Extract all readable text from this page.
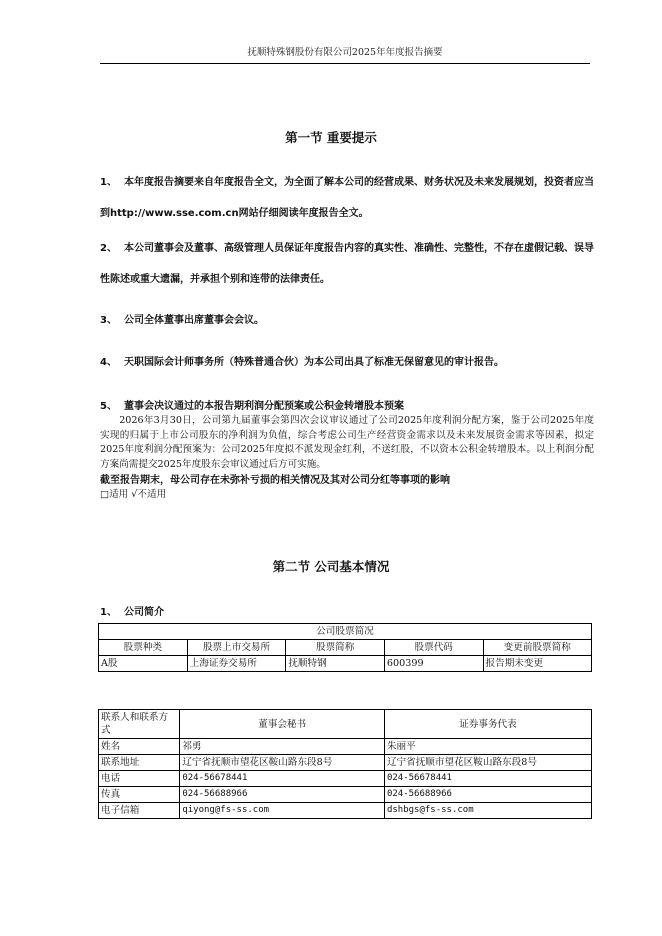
抚顺特殊钢股份有限公司2025年年度报告摘要
第一节 重要提示
1、 本年度报告摘要来自年度报告全文，为全面了解本公司的经营成果、财务状况及未来发展规划，投资者应当到http://www.sse.com.cn网站仔细阅读年度报告全文。
2、 本公司董事会及董事、高级管理人员保证年度报告内容的真实性、准确性、完整性，不存在虚假记载、误导性陈述或重大遗漏，并承担个别和连带的法律责任。
3、 公司全体董事出席董事会会议。
4、 天职国际会计师事务所（特殊普通合伙）为本公司出具了标准无保留意见的审计报告。
5、 董事会决议通过的本报告期利润分配预案或公积金转增股本预案
2026年3月30日，公司第九届董事会第四次会议审议通过了公司2025年度利润分配方案，鉴于公司2025年度实现的归属于上市公司股东的净利润为负值，综合考虑公司生产经营资金需求以及未来发展资金需求等因素，拟定2025年度利润分配预案为：公司2025年度拟不派发现金红利，不送红股，不以资本公积金转增股本。以上利润分配方案尚需提交2025年度股东会审议通过后方可实施。
截至报告期末，母公司存在未弥补亏损的相关情况及其对公司分红等事项的影响
□适用 √不适用
第二节 公司基本情况
1、 公司简介
公司股票简况				
股票种类	股票上市交易所	股票简称	股票代码	变更前股票简称
A股	上海证券交易所	抚顺特钢	600399	报告期未变更
联系人和联系方式	董事会秘书	证券事务代表
姓名	祁勇	朱丽平
联系地址	辽宁省抚顺市望花区鞍山路东段8号	辽宁省抚顺市望花区鞍山路东段8号
电话	024-56678441	024-56678441
传真	024-56688966	024-56688966
电子信箱	qiyong@fs-ss.com	dshbgs@fs-ss.com
